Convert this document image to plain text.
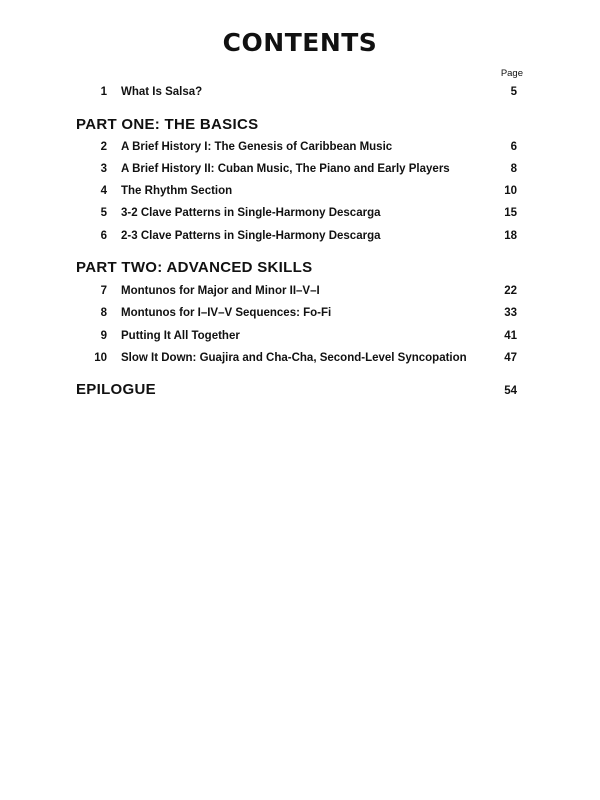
CONTENTS
Page
1 What Is Salsa?	5
PART ONE: THE BASICS
2 A Brief History I: The Genesis of Caribbean Music	6
3 A Brief History II: Cuban Music, The Piano and Early Players	8
4 The Rhythm Section	10
5 3-2 Clave Patterns in Single-Harmony Descarga	15
6 2-3 Clave Patterns in Single-Harmony Descarga	18
PART TWO: ADVANCED SKILLS
7 Montunos for Major and Minor II–V–I	22
8 Montunos for I–IV–V Sequences: Fo-Fi	33
9 Putting It All Together	41
10 Slow It Down: Guajira and Cha-Cha, Second-Level Syncopation	47
EPILOGUE	54
